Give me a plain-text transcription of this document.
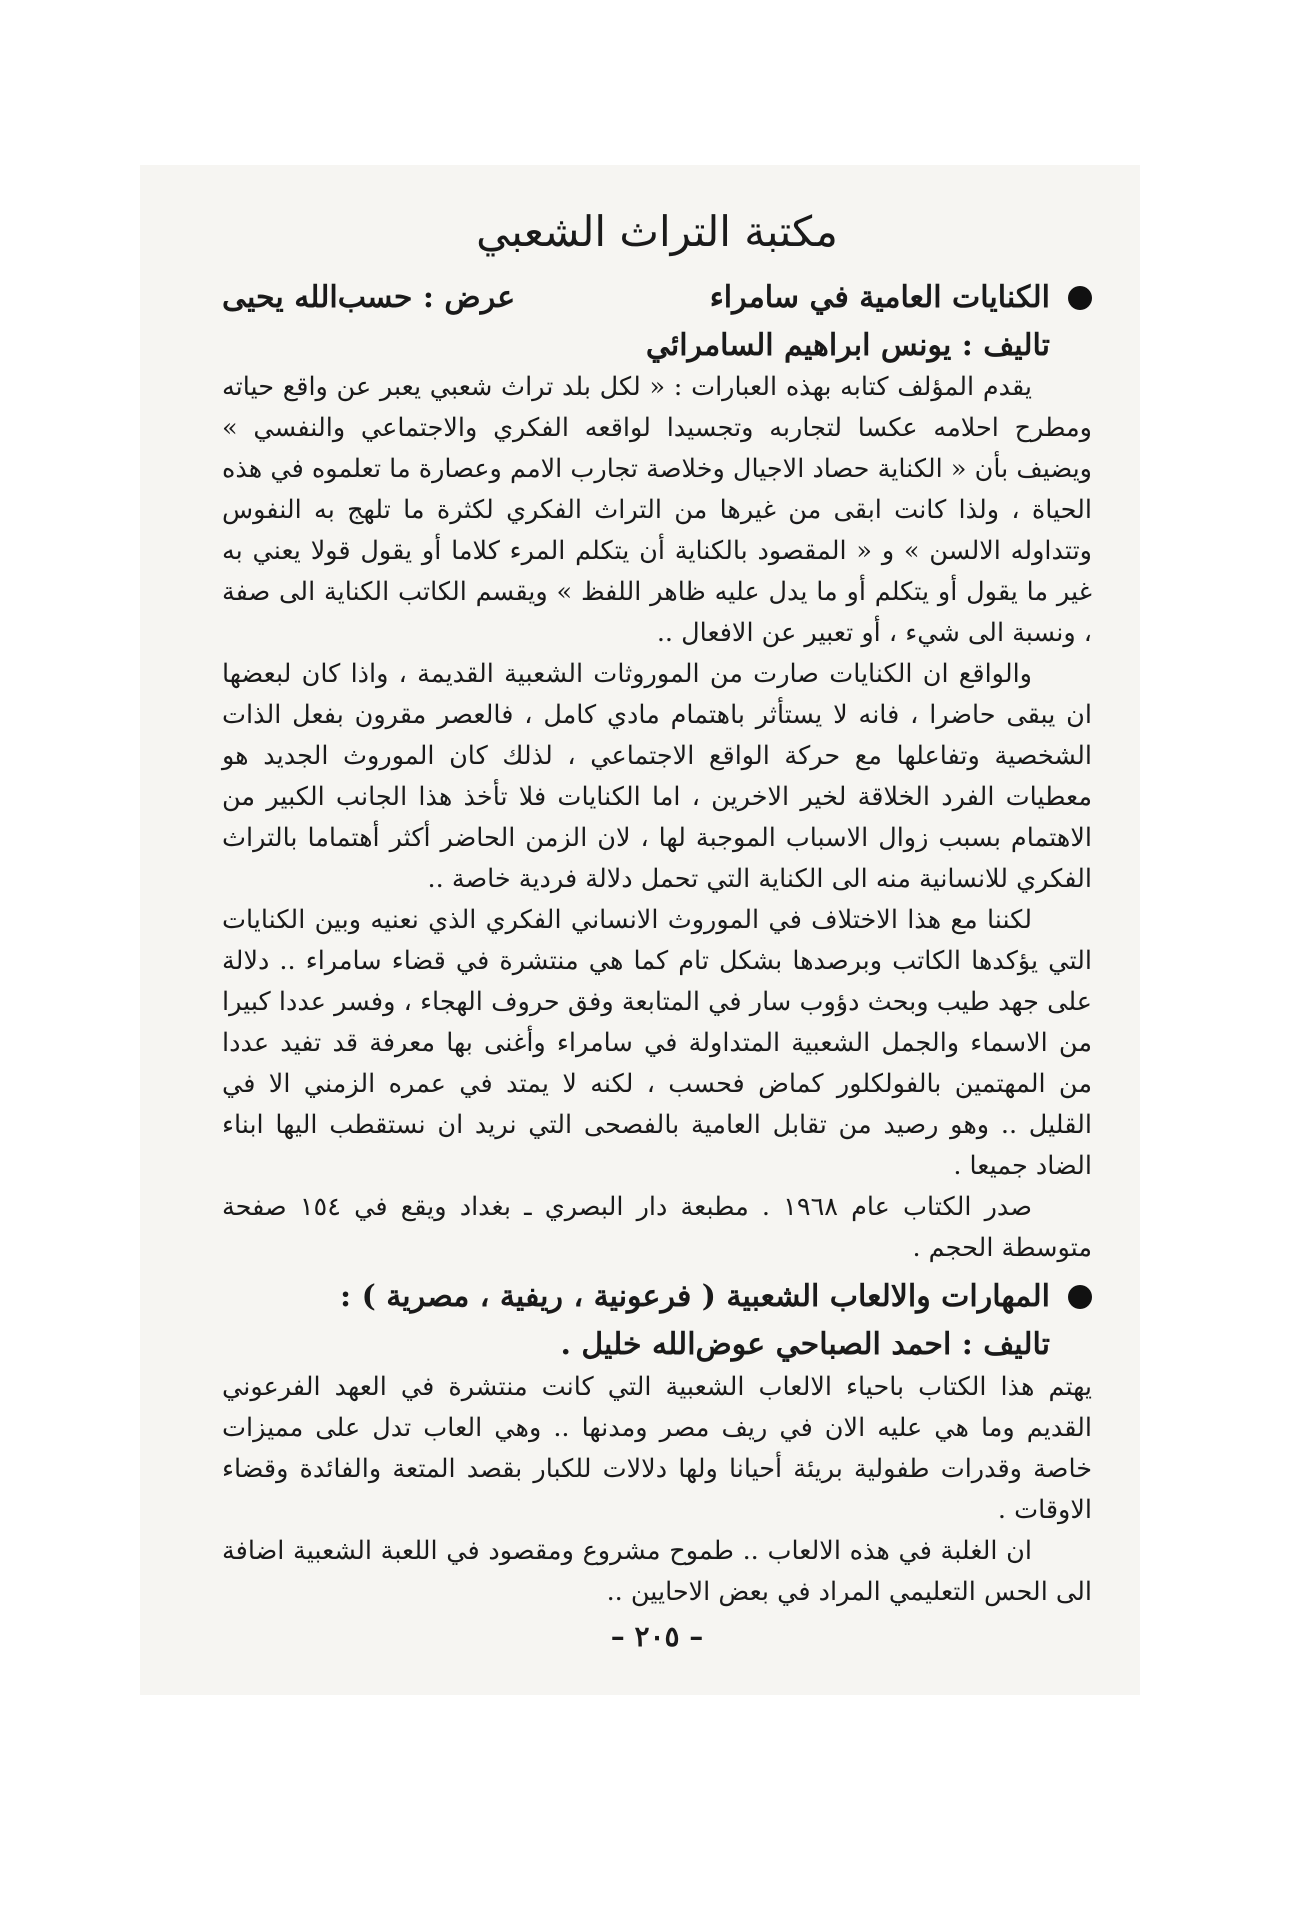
مكتبة التراث الشعبي
الكنايات العامية في سامراء
عرض : حسب‌الله يحيى
تاليف : يونس ابراهيم السامرائي

يقدم المؤلف كتابه بهذه العبارات : « لكل بلد تراث شعبي يعبر عن واقع حياته ومطرح احلامه عكسا لتجاربه وتجسيدا لواقعه الفكري والاجتماعي والنفسي » ويضيف بأن « الكناية حصاد الاجيال وخلاصة تجارب الامم وعصارة ما تعلموه في هذه الحياة ، ولذا كانت ابقى من غيرها من التراث الفكري لكثرة ما تلهج به النفوس وتتداوله الالسن » و « المقصود بالكناية أن يتكلم المرء كلاما أو يقول قولا يعني به غير ما يقول أو يتكلم أو ما يدل عليه ظاهر اللفظ » ويقسم الكاتب الكناية الى صفة ، ونسبة الى شيء ، أو تعبير عن الافعال ..

والواقع ان الكنايات صارت من الموروثات الشعبية القديمة ، واذا كان لبعضها ان يبقى حاضرا ، فانه لا يستأثر باهتمام مادي كامل ، فالعصر مقرون بفعل الذات الشخصية وتفاعلها مع حركة الواقع الاجتماعي ، لذلك كان الموروث الجديد هو معطيات الفرد الخلاقة لخير الاخرين ، اما الكنايات فلا تأخذ هذا الجانب الكبير من الاهتمام بسبب زوال الاسباب الموجبة لها ، لان الزمن الحاضر أكثر أهتماما بالتراث الفكري للانسانية منه الى الكناية التي تحمل دلالة فردية خاصة ..

لكننا مع هذا الاختلاف في الموروث الانساني الفكري الذي نعنيه وبين الكنايات التي يؤكدها الكاتب وبرصدها بشكل تام كما هي منتشرة في قضاء سامراء .. دلالة على جهد طيب وبحث دؤوب سار في المتابعة وفق حروف الهجاء ، وفسر عددا كبيرا من الاسماء والجمل الشعبية المتداولة في سامراء وأغنى بها معرفة قد تفيد عددا من المهتمين بالفولكلور كماض فحسب ، لكنه لا يمتد في عمره الزمني الا في القليل .. وهو رصيد من تقابل العامية بالفصحى التي نريد ان نستقطب اليها ابناء الضاد جميعا .

صدر الكتاب عام ١٩٦٨ . مطبعة دار البصري ـ بغداد ويقع في ١٥٤ صفحة متوسطة الحجم .

المهارات والالعاب الشعبية ( فرعونية ، ريفية ، مصرية ) :
تاليف : احمد الصباحي عوض‌الله خليل .

يهتم هذا الكتاب باحياء الالعاب الشعبية التي كانت منتشرة في العهد الفرعوني القديم وما هي عليه الان في ريف مصر ومدنها .. وهي العاب تدل على مميزات خاصة وقدرات طفولية بريئة أحيانا ولها دلالات للكبار بقصد المتعة والفائدة وقضاء الاوقات .

ان الغلبة في هذه الالعاب .. طموح مشروع ومقصود في اللعبة الشعبية اضافة الى الحس التعليمي المراد في بعض الاحايين ..

– ٢٠٥ –
